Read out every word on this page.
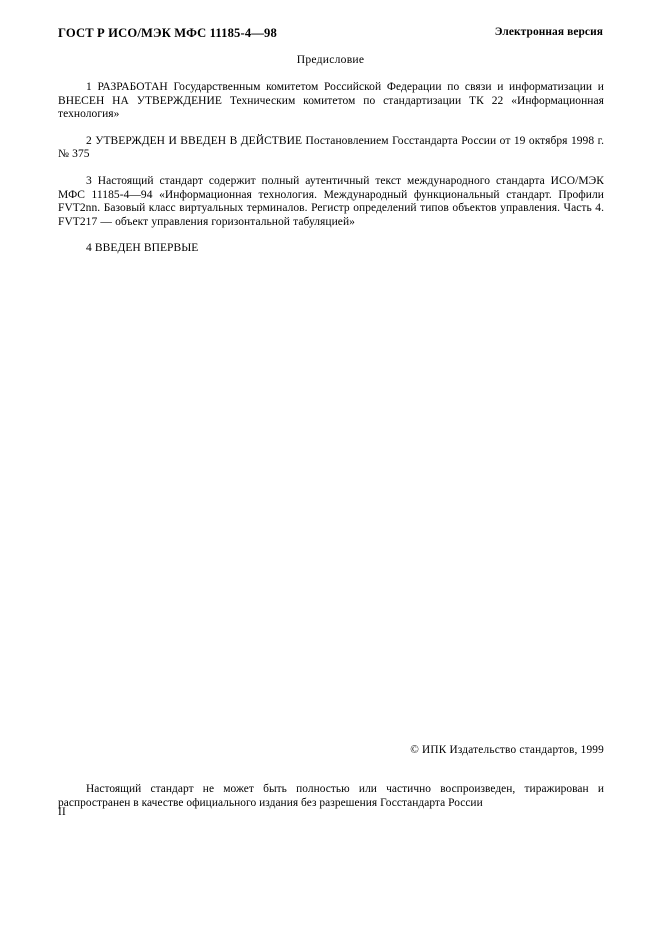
ГОСТ Р ИСО/МЭК МФС 11185-4—98	Электронная версия
Предисловие

1 РАЗРАБОТАН Государственным комитетом Российской Федерации по связи и информатизации и ВНЕСЕН НА УТВЕРЖДЕНИЕ Техническим комитетом по стандартизации ТК 22 «Информационная технология»

2 УТВЕРЖДЕН И ВВЕДЕН В ДЕЙСТВИЕ Постановлением Госстандарта России от 19 октября 1998 г. № 375

3 Настоящий стандарт содержит полный аутентичный текст международного стандарта ИСО/МЭК МФС 11185-4—94 «Информационная технология. Международный функциональный стандарт. Профили FVT2nn. Базовый класс виртуальных терминалов. Регистр определений типов объектов управления. Часть 4. FVT217 — объект управления горизонтальной табуляцией»

4 ВВЕДЕН ВПЕРВЫЕ

© ИПК Издательство стандартов, 1999

Настоящий стандарт не может быть полностью или частично воспроизведен, тиражирован и распространен в качестве официального издания без разрешения Госстандарта России

II
